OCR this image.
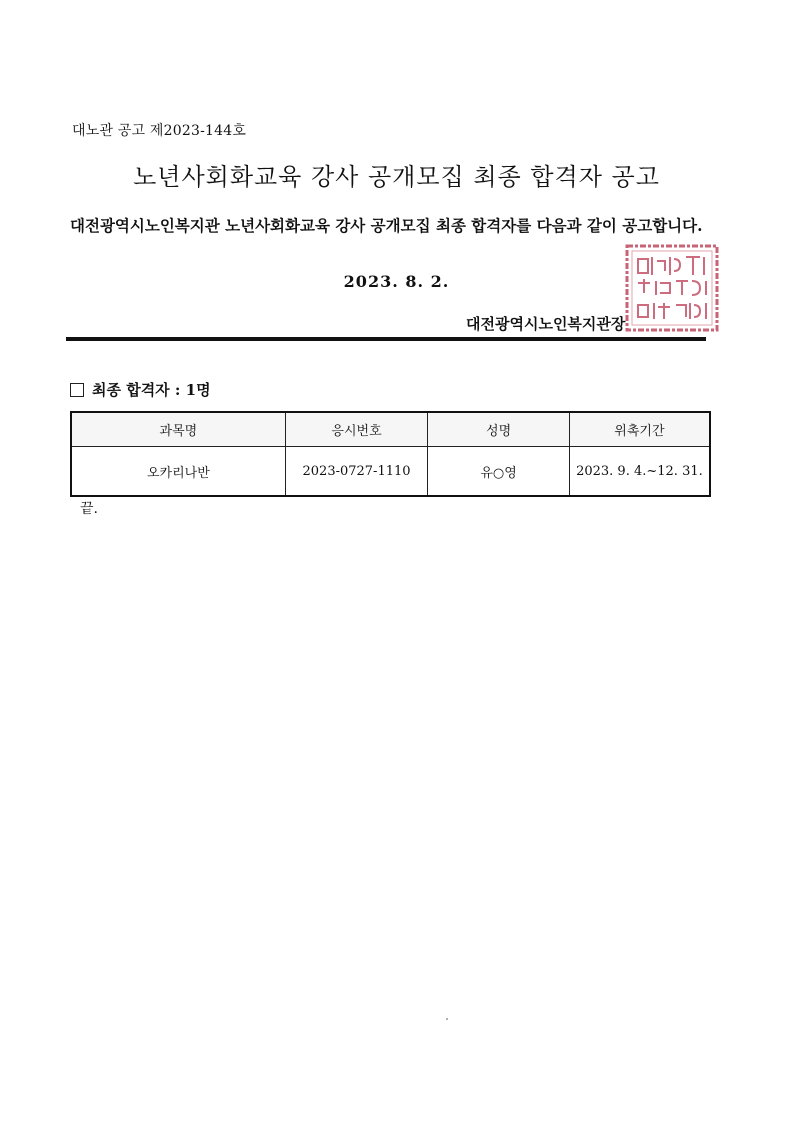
대노관 공고 제2023-144호
노년사회화교육 강사 공개모집 최종 합격자 공고
대전광역시노인복지관 노년사회화교육 강사 공개모집 최종 합격자를 다음과 같이 공고합니다.
2023. 8. 2.
대전광역시노인복지관장
최종 합격자 : 1명
과목명	응시번호	성명	위촉기간
오카리나반	2023-0727-1110	유○영	2023. 9. 4.~12. 31.
끝.
